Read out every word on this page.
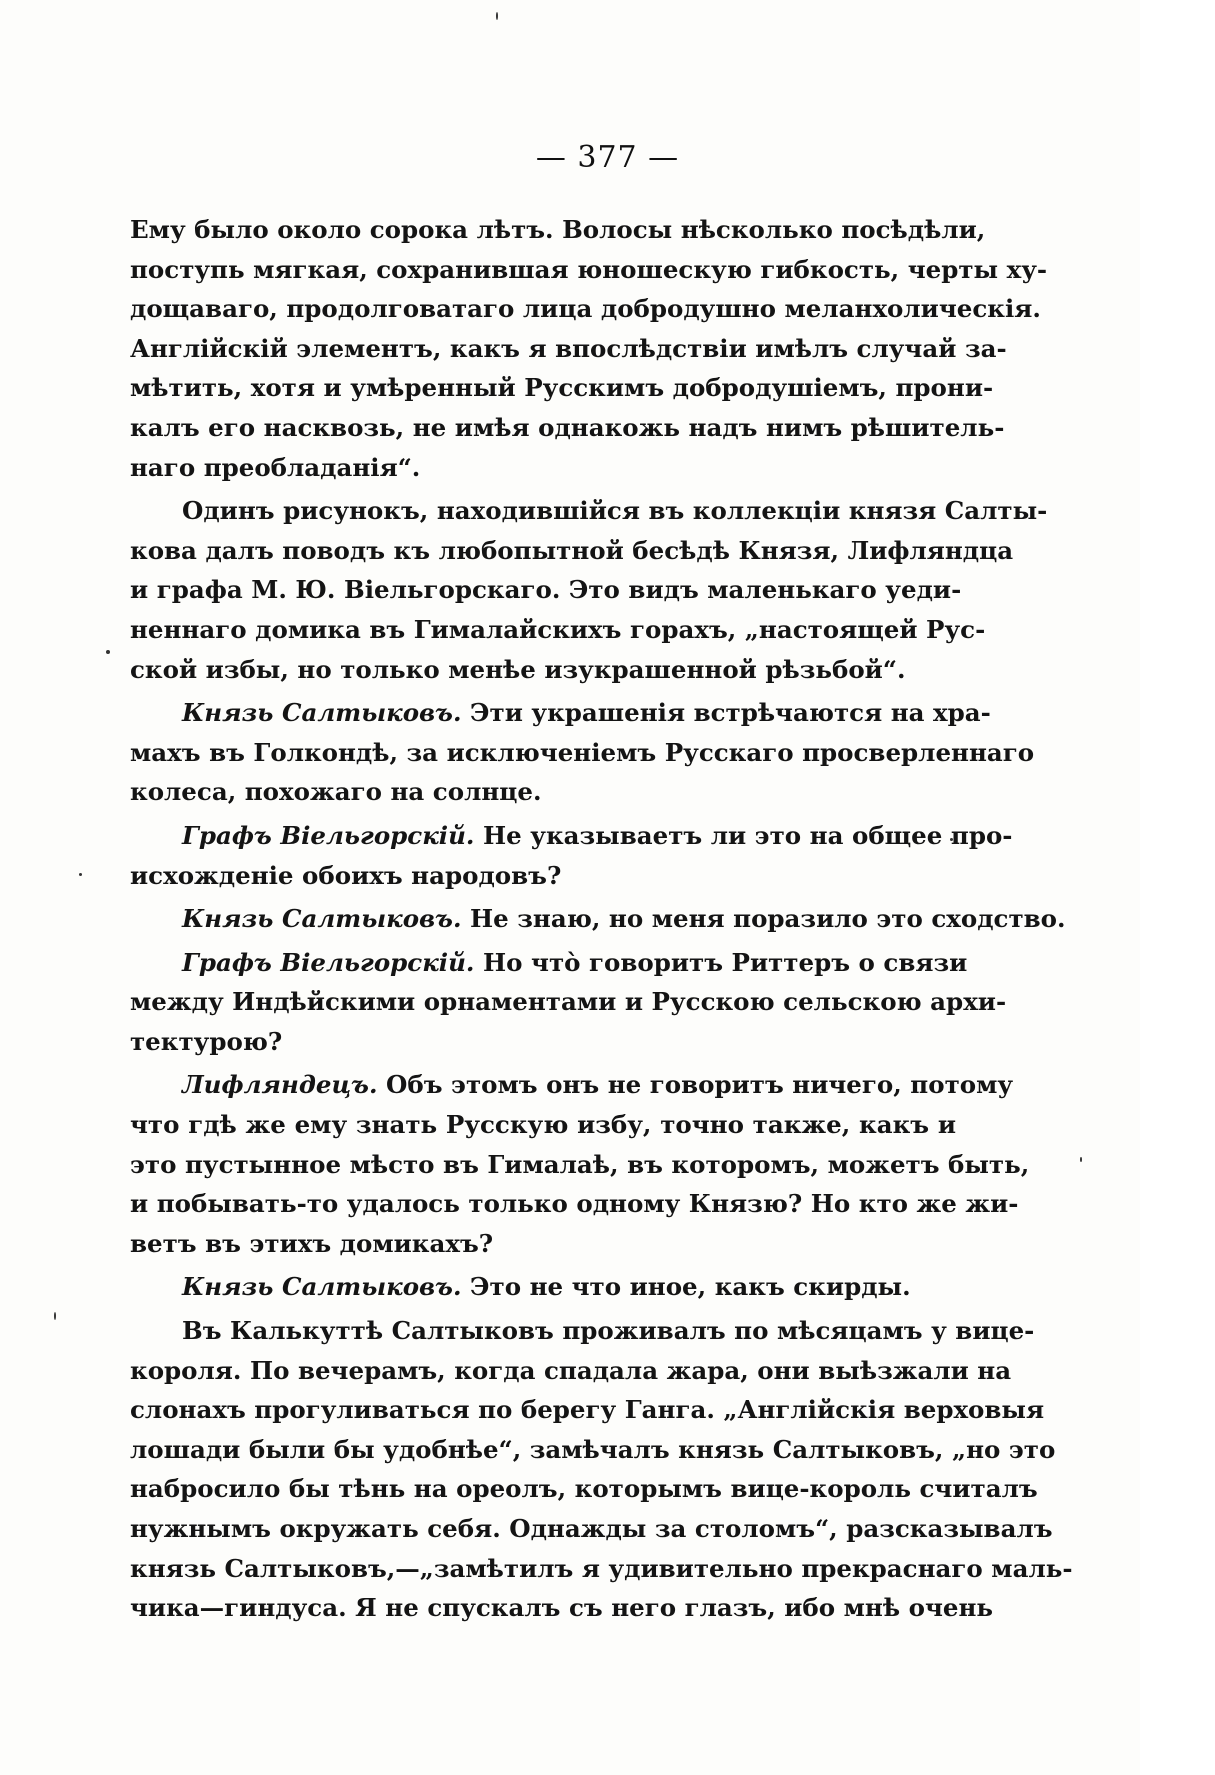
— 377 —
Ему было около сорока лѣтъ. Волосы нѣсколько посѣдѣли,
поступь мягкая, сохранившая юношескую гибкость, черты ху-
дощаваго, продолговатаго лица добродушно меланхолическія.
Англійскій элементъ, какъ я впослѣдствіи имѣлъ случай за-
мѣтить, хотя и умѣренный Русскимъ добродушіемъ, прони-
калъ его насквозь, не имѣя однакожь надъ нимъ рѣшитель-
наго преобладанія“.
Одинъ рисунокъ, находившійся въ коллекціи князя Салты-
кова далъ поводъ къ любопытной бесѣдѣ Князя, Лифляндца
и графа М. Ю. Віельгорскаго. Это видъ маленькаго уеди-
неннаго домика въ Гималайскихъ горахъ, „настоящей Рус-
ской избы, но только менѣе изукрашенной рѣзьбой“.
Князь Салтыковъ. Эти украшенія встрѣчаются на хра-
махъ въ Голкондѣ, за исключеніемъ Русскаго просверленнаго
колеса, похожаго на солнце.
Графъ Віельгорскій. Не указываетъ ли это на общее про-
исхожденіе обоихъ народовъ?
Князь Салтыковъ. Не знаю, но меня поразило это сходство.
Графъ Віельгорскій. Но что̀ говоритъ Риттеръ о связи
между Индѣйскими орнаментами и Русскою сельскою архи-
тектурою?
Лифляндецъ. Объ этомъ онъ не говоритъ ничего, потому
что гдѣ же ему знать Русскую избу, точно также, какъ и
это пустынное мѣсто въ Гималаѣ, въ которомъ, можетъ быть,
и побывать-то удалось только одному Князю? Но кто же жи-
ветъ въ этихъ домикахъ?
Князь Салтыковъ. Это не что иное, какъ скирды.
Въ Калькуттѣ Салтыковъ проживалъ по мѣсяцамъ у вице-
короля. По вечерамъ, когда спадала жара, они выѣзжали на
слонахъ прогуливаться по берегу Ганга. „Англійскія верховыя
лошади были бы удобнѣе“, замѣчалъ князь Салтыковъ, „но это
набросило бы тѣнь на ореолъ, которымъ вице-король считалъ
нужнымъ окружать себя. Однажды за столомъ“, разсказывалъ
князь Салтыковъ,—„замѣтилъ я удивительно прекраснаго маль-
чика—гиндуса. Я не спускалъ съ него глазъ, ибо мнѣ очень
